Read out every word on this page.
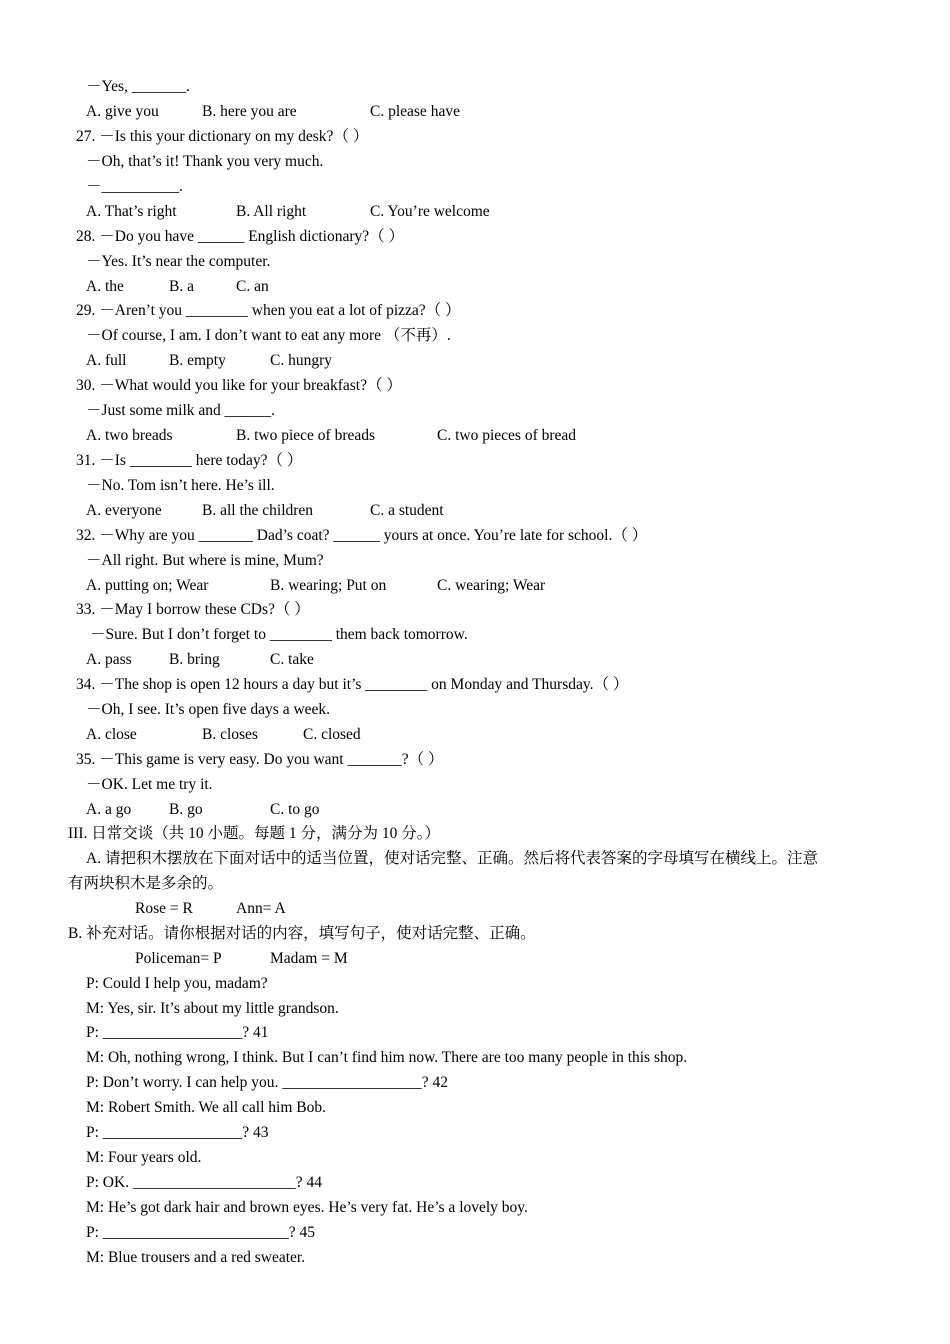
－Yes, _______.
A. give you	B. here you are	C. please have
27. －Is this your dictionary on my desk?（ ）
－Oh, that’s it! Thank you very much.
－__________.
A. That’s right	B. All right	C. You’re welcome
28. －Do you have ______ English dictionary?（ ）
－Yes. It’s near the computer.
A. the	B. a	C. an
29. －Aren’t you ________ when you eat a lot of pizza?（ ）
－Of course, I am. I don’t want to eat any more （不再）.
A. full	B. empty	C. hungry
30. －What would you like for your breakfast?（ ）
－Just some milk and ______.
A. two breads	B. two piece of breads	C. two pieces of bread
31. －Is ________ here today?（ ）
－No. Tom isn’t here. He’s ill.
A. everyone	B. all the children	C. a student
32. －Why are you _______ Dad’s coat? ______ yours at once. You’re late for school.（ ）
－All right. But where is mine, Mum?
A. putting on; Wear	B. wearing; Put on	C. wearing; Wear
33. －May I borrow these CDs?（ ）
－Sure. But I don’t forget to ________ them back tomorrow.
A. pass B. bring	C. take
34. －The shop is open 12 hours a day but it’s ________ on Monday and Thursday.（ ）
－Oh, I see. It’s open five days a week.
A. close	B. closes	C. closed
35. －This game is very easy. Do you want _______?（ ）
－OK. Let me try it.
A. a go B. go	C. to go
III. 日常交谈（共 10 小题。每题 1 分，满分为 10 分。）
A. 请把积木摆放在下面对话中的适当位置，使对话完整、正确。然后将代表答案的字母填写在横线上。注意
有两块积木是多余的。
Rose = R	Ann= A
B. 补充对话。请你根据对话的内容，填写句子，使对话完整、正确。
Policeman= P	Madam = M
P: Could I help you, madam?
M: Yes, sir. It’s about my little grandson.
P: __________________? 41
M: Oh, nothing wrong, I think. But I can’t find him now. There are too many people in this shop.
P: Don’t worry. I can help you. __________________? 42
M: Robert Smith. We all call him Bob.
P: __________________? 43
M: Four years old.
P: OK. _____________________? 44
M: He’s got dark hair and brown eyes. He’s very fat. He’s a lovely boy.
P: ________________________? 45
M: Blue trousers and a red sweater.
